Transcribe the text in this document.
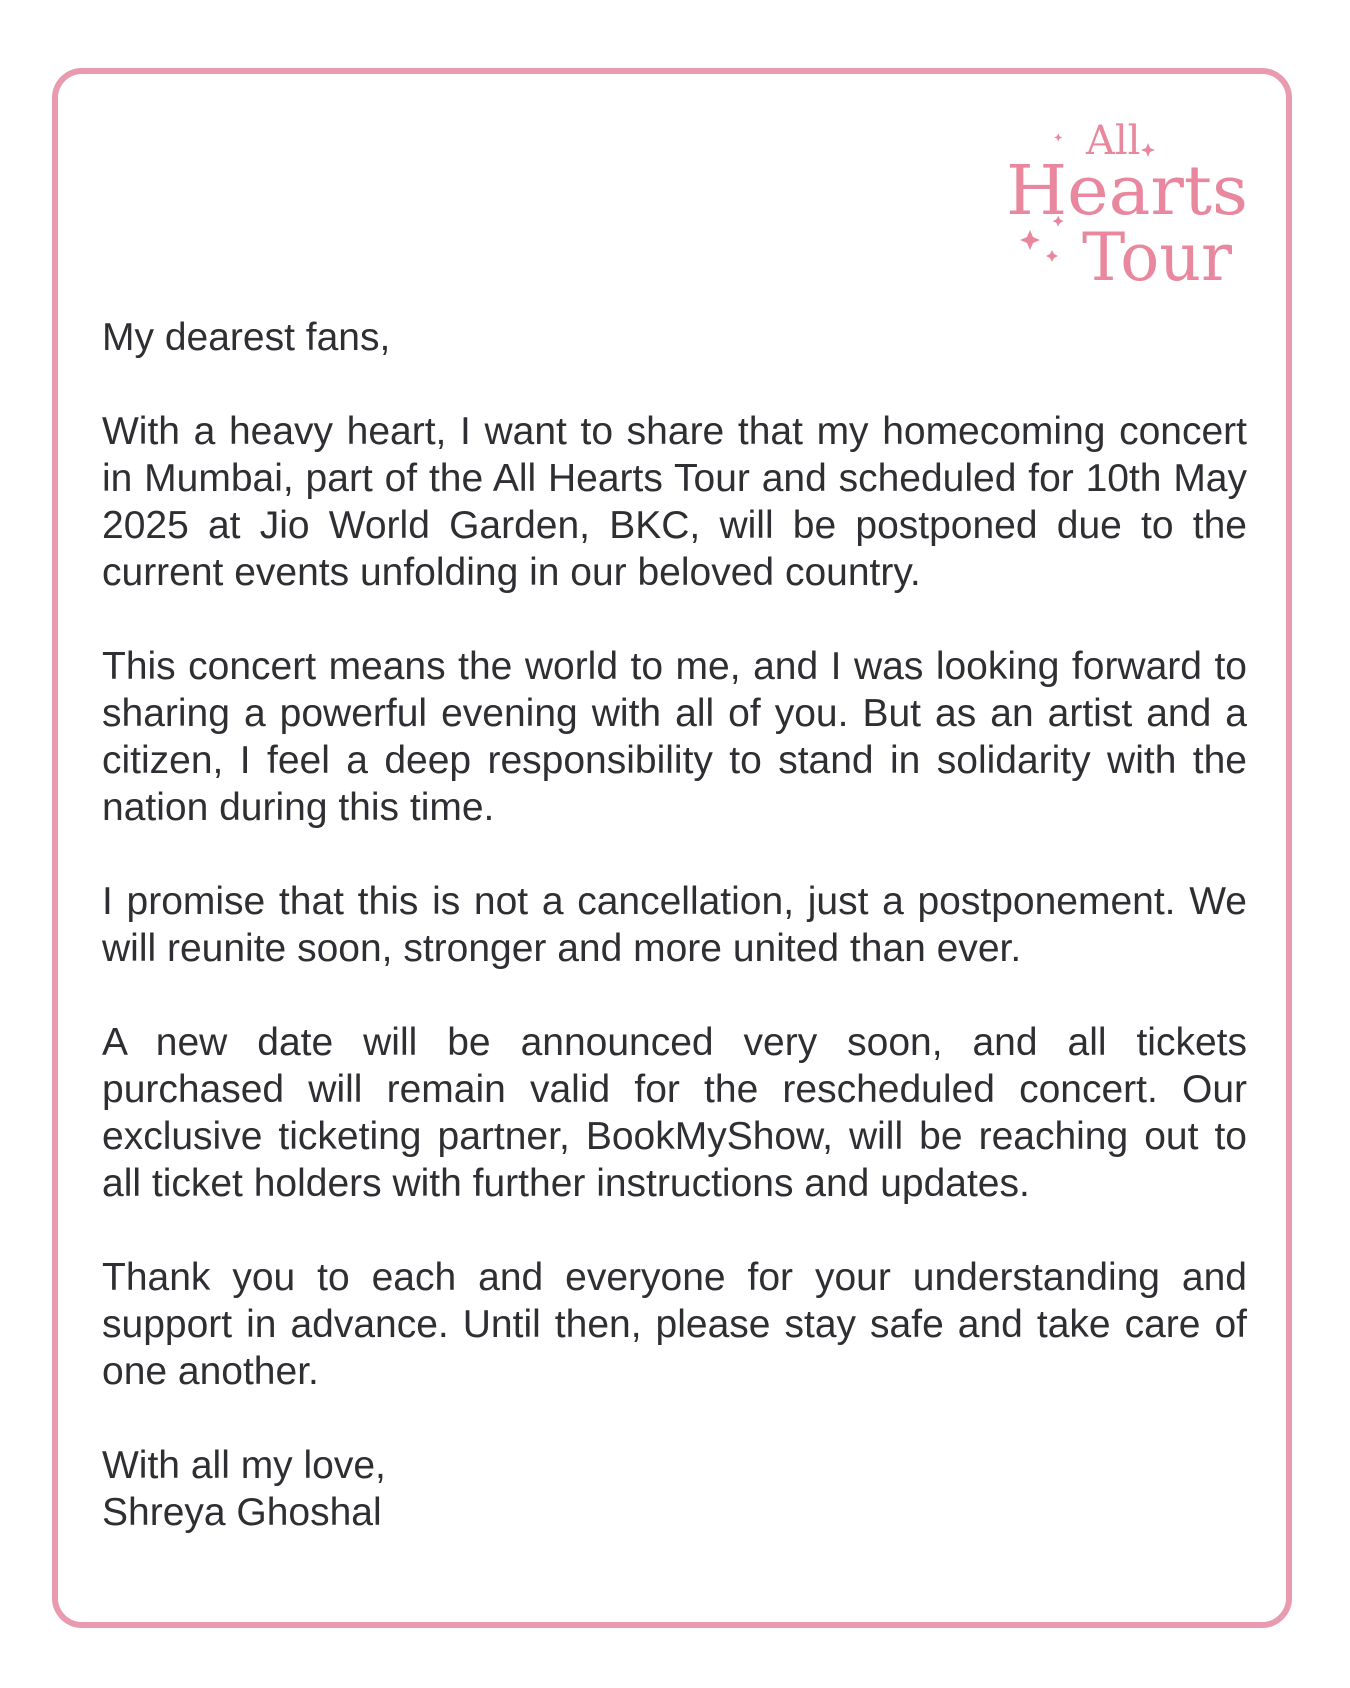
All
Hearts
Tour

My dearest fans,

With a heavy heart, I want to share that my homecoming concert in Mumbai, part of the All Hearts Tour and scheduled for 10th May 2025 at Jio World Garden, BKC, will be postponed due to the current events unfolding in our beloved country.

This concert means the world to me, and I was looking forward to sharing a powerful evening with all of you. But as an artist and a citizen, I feel a deep responsibility to stand in solidarity with the nation during this time.

I promise that this is not a cancellation, just a postponement. We will reunite soon, stronger and more united than ever.

A new date will be announced very soon, and all tickets purchased will remain valid for the rescheduled concert. Our exclusive ticketing partner, BookMyShow, will be reaching out to all ticket holders with further instructions and updates.

Thank you to each and everyone for your understanding and support in advance. Until then, please stay safe and take care of one another.

With all my love,
Shreya Ghoshal
